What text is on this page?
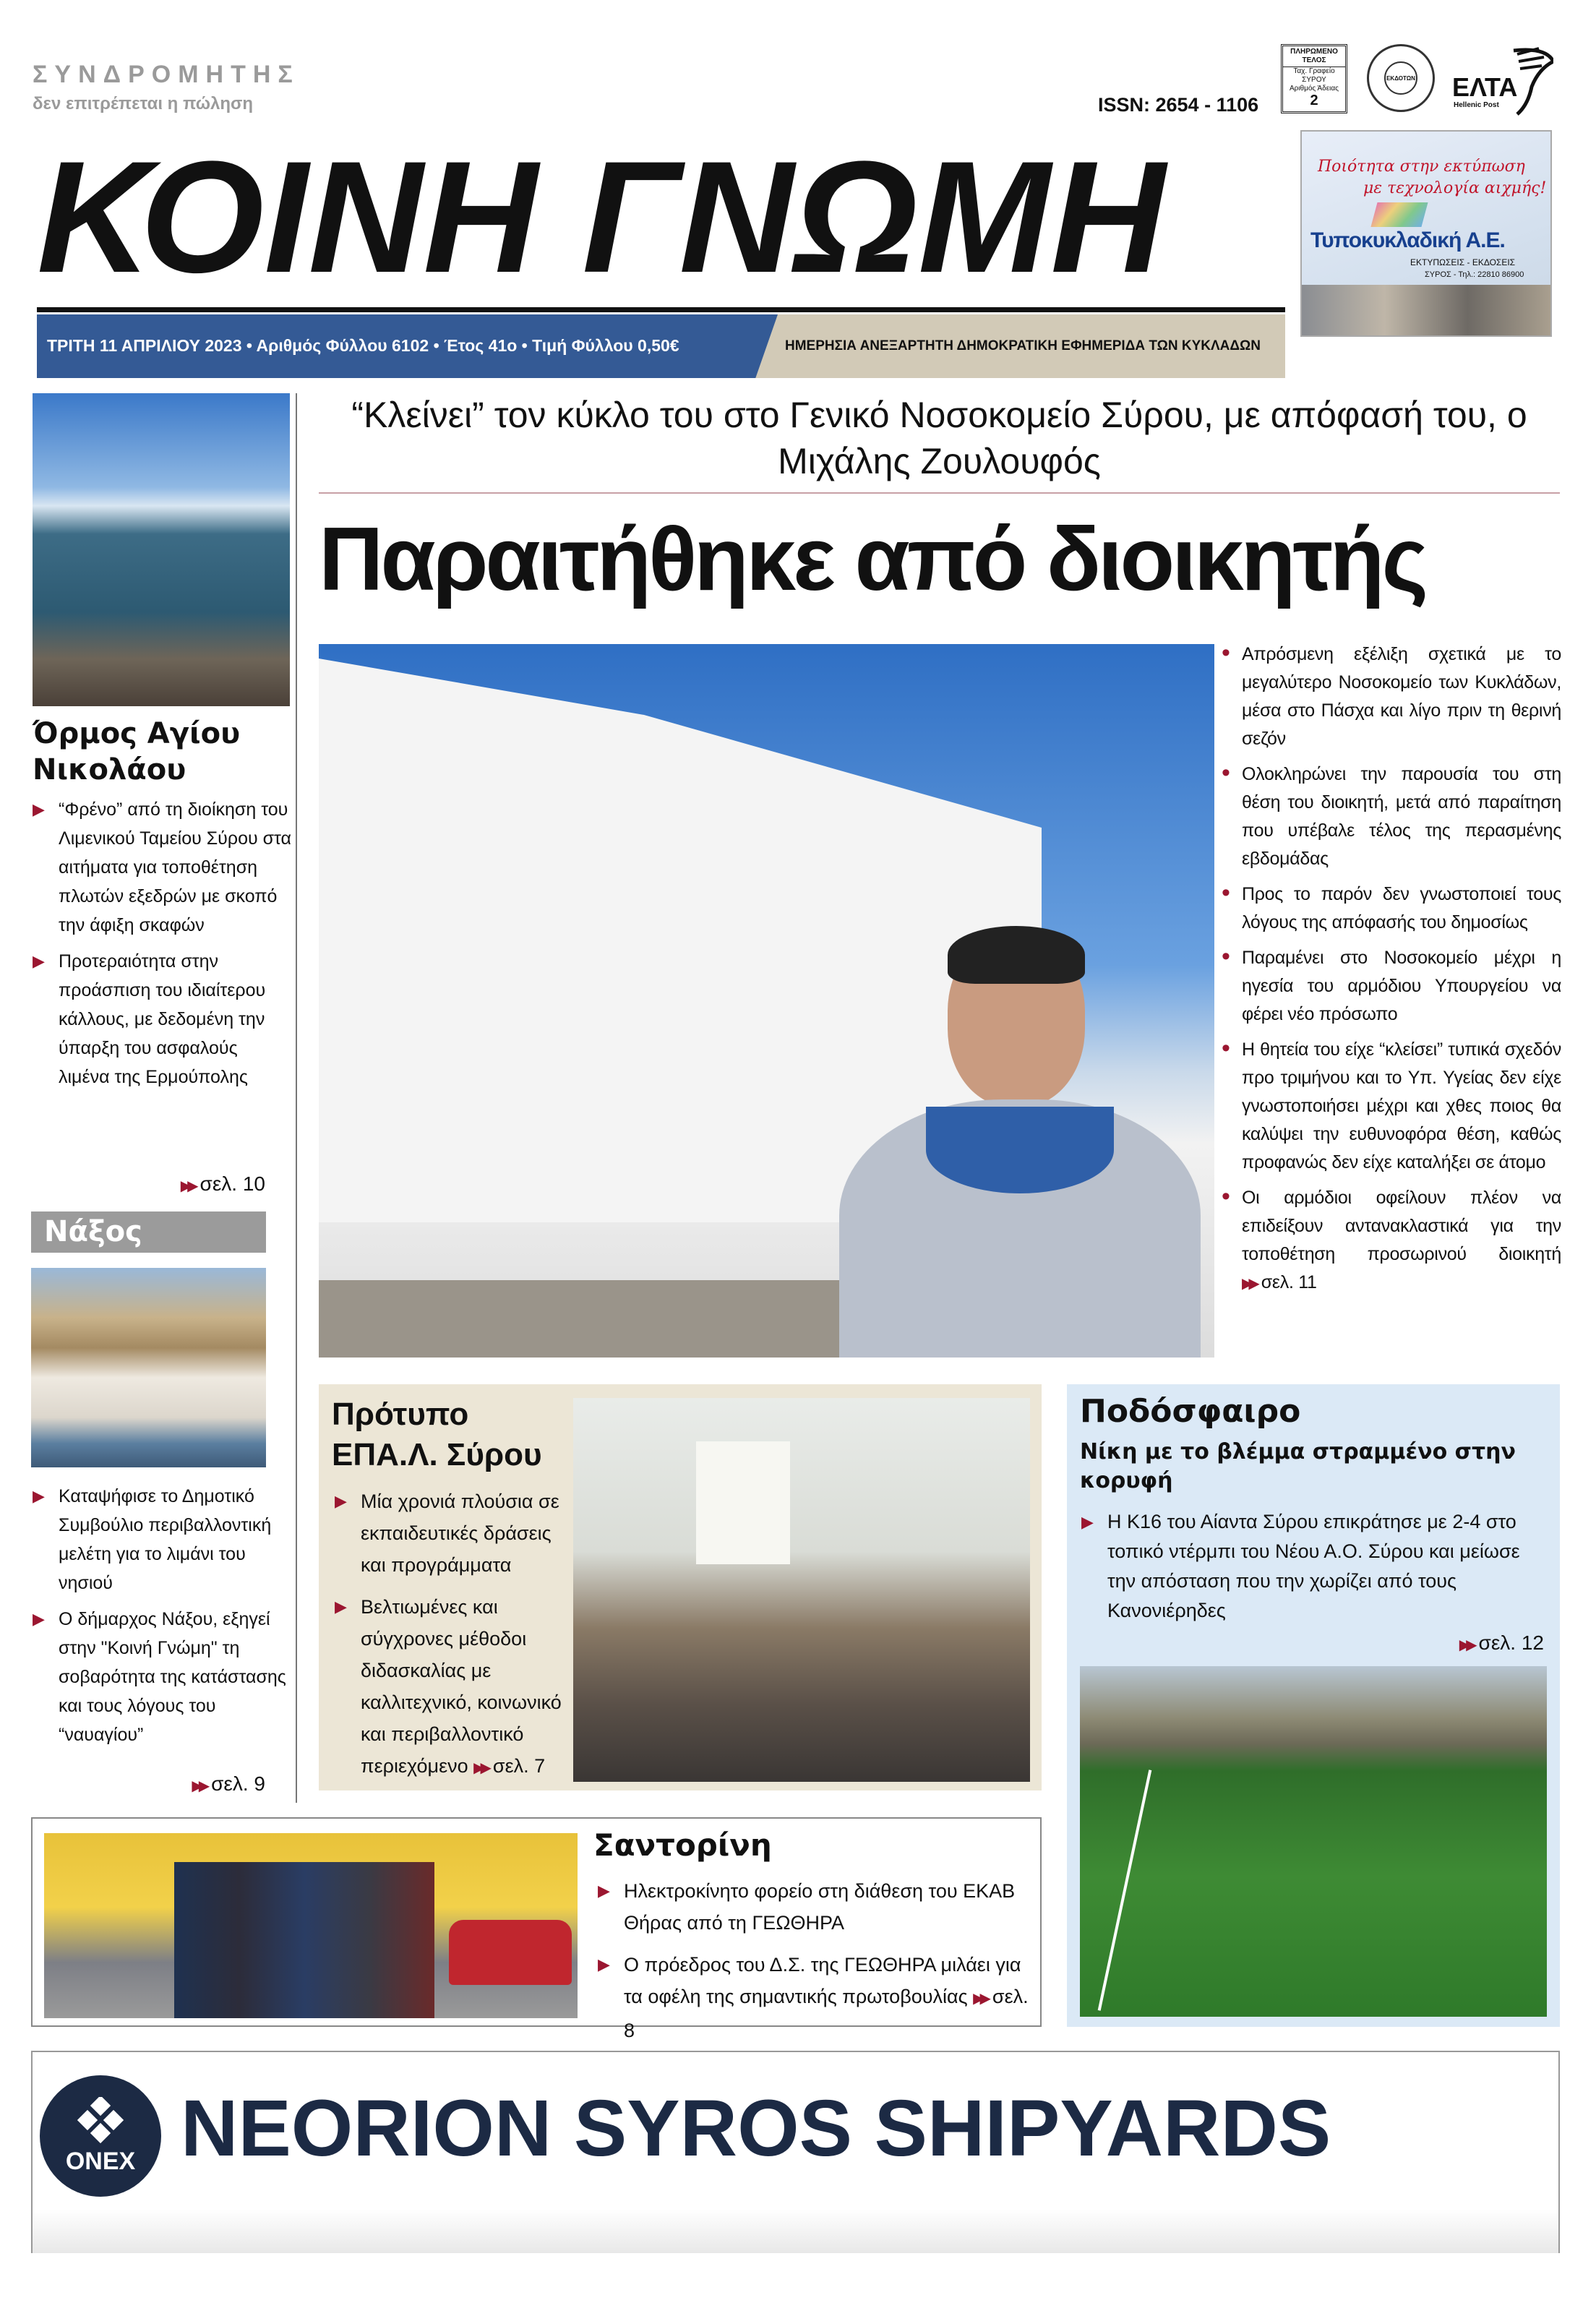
ΣΥΝΔΡΟΜΗΤΗΣ
δεν επιτρέπεται η πώληση	ISSN: 2654 - 1106
ΠΛΗΡΩΜΕΝΟ ΤΕΛΟΣ
Ταχ. Γραφείο
ΣΥΡΟΥ
Αριθμός Άδειας
2
ΕΚΔΟΤΩΝ ΕΛΤΑ
Hellenic Post
ΚΟΙΝΗ ΓΝΩΜΗ
ΤΡΙΤΗ 11 ΑΠΡΙΛΙΟΥ 2023 • Αριθμός Φύλλου 6102 • Έτος 41ο • Τιμή Φύλλου 0,50€	ΗΜΕΡΗΣΙΑ ΑΝΕΞΑΡΤΗΤΗ ΔΗΜΟΚΡΑΤΙΚΗ ΕΦΗΜΕΡΙΔΑ ΤΩΝ ΚΥΚΛΑΔΩΝ
Ποιότητα στην εκτύπωση
με τεχνολογία αιχμής!
Τυποκυκλαδική Α.Ε.
ΕΚΤΥΠΩΣΕΙΣ - ΕΚΔΟΣΕΙΣ
ΣΥΡΟΣ - Τηλ.: 22810 86900
Όρμος Αγίου Νικολάου
▶ “Φρένο” από τη διοίκηση του Λιμενικού Ταμείου Σύρου στα αιτήματα για τοποθέτηση πλωτών εξεδρών με σκοπό την άφιξη σκαφών
▶ Προτεραιότητα στην προάσπιση του ιδιαίτερου κάλλους, με δεδομένη την ύπαρξη του ασφαλούς λιμένα της Ερμούπολης
▶▶ σελ. 10
Νάξος
▶ Καταψήφισε το Δημοτικό Συμβούλιο περιβαλλοντική μελέτη για το λιμάνι του νησιού
▶ Ο δήμαρχος Νάξου, εξηγεί στην "Κοινή Γνώμη" τη σοβαρότητα της κατάστασης και τους λόγους του “ναυαγίου”
▶▶ σελ. 9
“Κλείνει” τον κύκλο του στο Γενικό Νοσοκομείο Σύρου, με απόφασή του, ο Μιχάλης Ζουλουφός
Παραιτήθηκε από διοικητής
• Απρόσμενη εξέλιξη σχετικά με το μεγαλύτερο Νοσοκομείο των Κυκλάδων, μέσα στο Πάσχα και λίγο πριν τη θερινή σεζόν
• Ολοκληρώνει την παρουσία του στη θέση του διοικητή, μετά από παραίτηση που υπέβαλε τέλος της περασμένης εβδομάδας
• Προς το παρόν δεν γνωστοποιεί τους λόγους της απόφασής του δημοσίως
• Παραμένει στο Νοσοκομείο μέχρι η ηγεσία του αρμόδιου Υπουργείου να φέρει νέο πρόσωπο
• Η θητεία του είχε “κλείσει” τυπικά σχεδόν προ τριμήνου και το Υπ. Υγείας δεν είχε γνωστοποιήσει μέχρι και χθες ποιος θα καλύψει την ευθυνοφόρα θέση, καθώς προφανώς δεν είχε καταλήξει σε άτομο
• Οι αρμόδιοι οφείλουν πλέον να επιδείξουν αντανακλαστικά για την τοποθέτηση προσωρινού διοικητή ▶▶ σελ. 11
Πρότυπο ΕΠΑ.Λ. Σύρου
▶ Μία χρονιά πλούσια σε εκπαιδευτικές δράσεις και προγράμματα
▶ Βελτιωμένες και σύγχρονες μέθοδοι διδασκαλίας με καλλιτεχνικό, κοινωνικό και περιβαλλοντικό περιεχόμενο ▶▶ σελ. 7
Ποδόσφαιρο
Νίκη με το βλέμμα στραμμένο στην κορυφή
▶ Η K16 του Αίαντα Σύρου επικράτησε με 2-4 στο τοπικό ντέρμπι του Νέου Α.Ο. Σύρου και μείωσε την απόσταση που την χωρίζει από τους Κανονιέρηδες
▶▶ σελ. 12
Σαντορίνη
▶ Ηλεκτροκίνητο φορείο στη διάθεση του ΕΚΑΒ Θήρας από τη ΓΕΩΘΗΡΑ
▶ Ο πρόεδρος του Δ.Σ. της ΓΕΩΘΗΡΑ μιλάει για τα οφέλη της σημαντικής πρωτοβουλίας ▶▶ σελ. 8
ONEX NEORION SYROS SHIPYARDS
